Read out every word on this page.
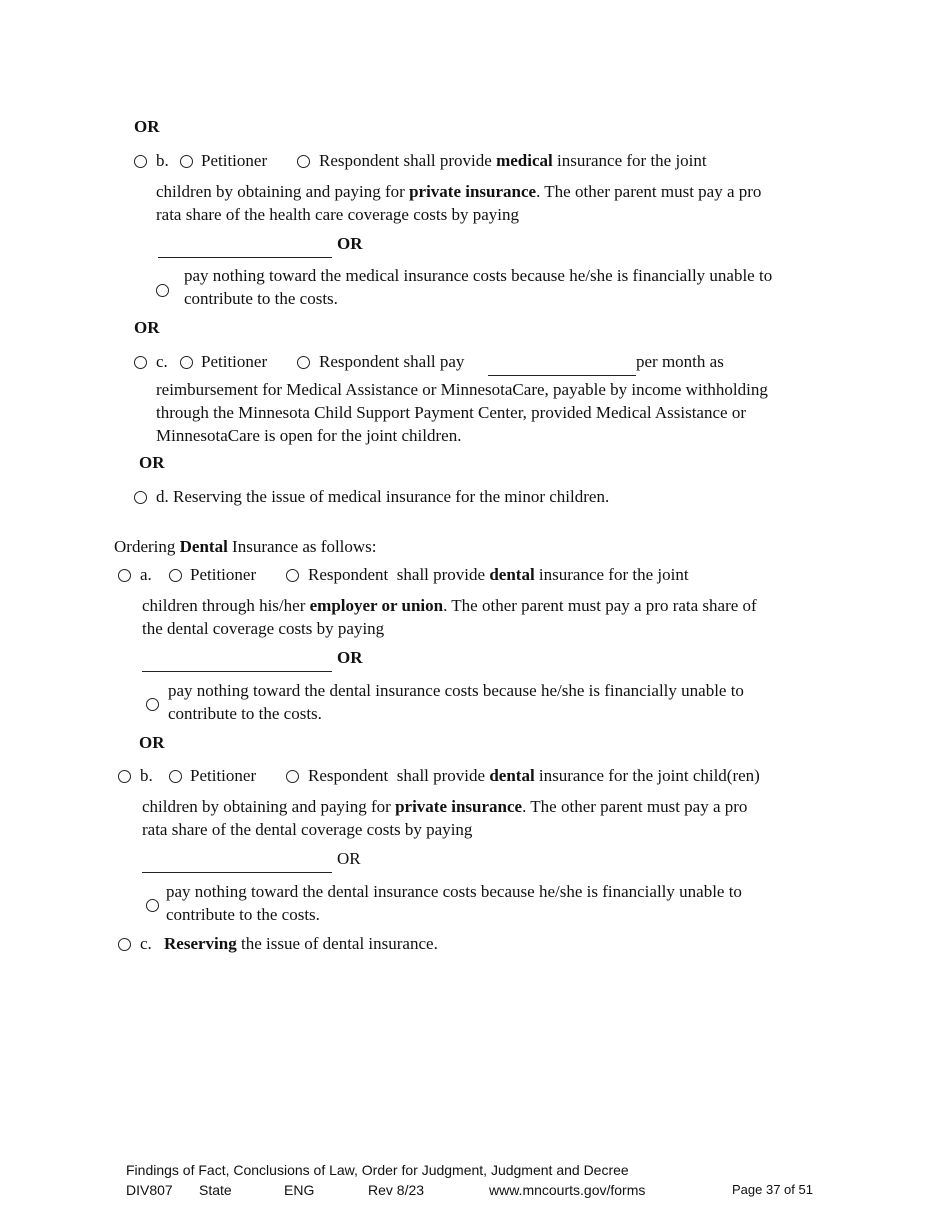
OR
b. Petitioner	Respondent shall provide medical insurance for the joint
children by obtaining and paying for private insurance. The other parent must pay a pro
rata share of the health care coverage costs by paying
OR
pay nothing toward the medical insurance costs because he/she is financially unable to
contribute to the costs.
OR
c. Petitioner	Respondent shall pay	per month as
reimbursement for Medical Assistance or MinnesotaCare, payable by income withholding
through the Minnesota Child Support Payment Center, provided Medical Assistance or
MinnesotaCare is open for the joint children.
OR
d. Reserving the issue of medical insurance for the minor children.
Ordering Dental Insurance as follows:
a. Petitioner	Respondent shall provide dental insurance for the joint
children through his/her employer or union. The other parent must pay a pro rata share of
the dental coverage costs by paying
OR
pay nothing toward the dental insurance costs because he/she is financially unable to
contribute to the costs.
OR
b. Petitioner	Respondent shall provide dental insurance for the joint child(ren)
children by obtaining and paying for private insurance. The other parent must pay a pro
rata share of the dental coverage costs by paying
OR
pay nothing toward the dental insurance costs because he/she is financially unable to
contribute to the costs.
c. Reserving the issue of dental insurance.
Findings of Fact, Conclusions of Law, Order for Judgment, Judgment and Decree
DIV807 State	ENG	Rev 8/23	www.mncourts.gov/forms	Page 37 of 51
